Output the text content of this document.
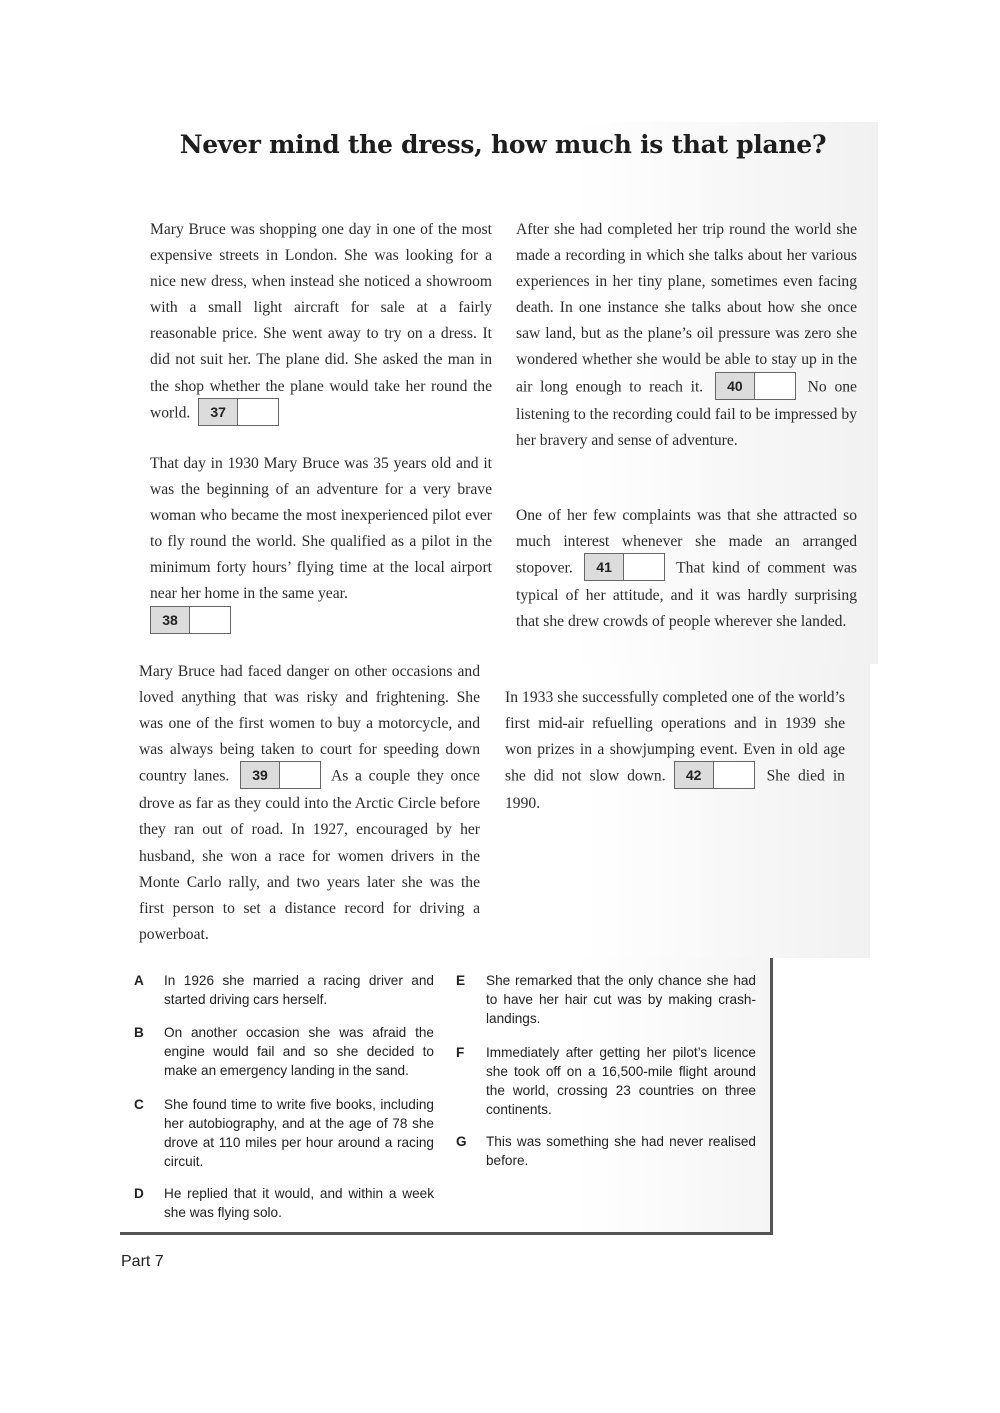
Never mind the dress, how much is that plane?

Mary Bruce was shopping one day in one of the most expensive streets in London. She was looking for a nice new dress, when instead she noticed a showroom with a small light aircraft for sale at a fairly reasonable price. She went away to try on a dress. It did not suit her. The plane did. She asked the man in the shop whether the plane would take her round the world. 37

That day in 1930 Mary Bruce was 35 years old and it was the beginning of an adventure for a very brave woman who became the most inexperienced pilot ever to fly round the world. She qualified as a pilot in the minimum forty hours’ flying time at the local airport near her home in the same year.
38

Mary Bruce had faced danger on other occasions and loved anything that was risky and frightening. She was one of the first women to buy a motorcycle, and was always being taken to court for speeding down country lanes. 39	As a couple they once drove as far as they could into the Arctic Circle before they ran out of road. In 1927, encouraged by her husband, she won a race for women drivers in the Monte Carlo rally, and two years later she was the first person to set a distance record for driving a powerboat.

After she had completed her trip round the world she made a recording in which she talks about her various experiences in her tiny plane, sometimes even facing death. In one instance she talks about how she once saw land, but as the plane’s oil pressure was zero she wondered whether she would be able to stay up in the air long enough to reach it. 40	No one listening to the recording could fail to be impressed by her bravery and sense of adventure.

One of her few complaints was that she attracted so much interest whenever she made an arranged stopover. 41	That kind of comment was typical of her attitude, and it was hardly surprising that she drew crowds of people wherever she landed.

In 1933 she successfully completed one of the world’s first mid-air refuelling operations and in 1939 she won prizes in a showjumping event. Even in old age she did not slow down. 42	She died in 1990.

A	In 1926 she married a racing driver and started driving cars herself.
B	On another occasion she was afraid the engine would fail and so she decided to make an emergency landing in the sand.
C	She found time to write five books, including her autobiography, and at the age of 78 she drove at 110 miles per hour around a racing circuit.
D	He replied that it would, and within a week she was flying solo.
E	She remarked that the only chance she had to have her hair cut was by making crash-landings.
F	Immediately after getting her pilot’s licence she took off on a 16,500-mile flight around the world, crossing 23 countries on three continents.
G	This was something she had never realised before.
Part 7
